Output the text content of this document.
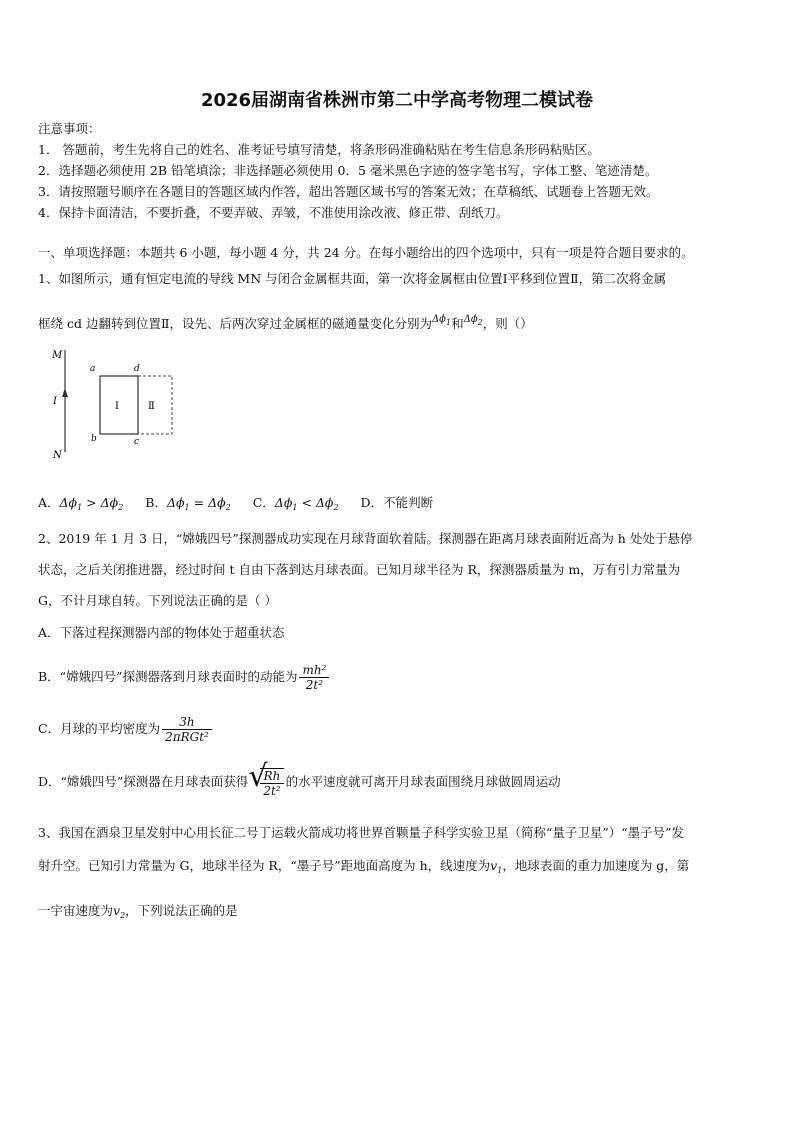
2026届湖南省株洲市第二中学高考物理二模试卷
注意事项：
1． 答题前，考生先将自己的姓名、准考证号填写清楚，将条形码准确粘贴在考生信息条形码粘贴区。
2．选择题必须使用 2B 铅笔填涂；非选择题必须使用 0．5 毫米黑色字迹的签字笔书写，字体工整、笔迹清楚。
3．请按照题号顺序在各题目的答题区域内作答，超出答题区域书写的答案无效；在草稿纸、试题卷上答题无效。
4．保持卡面清洁，不要折叠，不要弄破、弄皱，不准使用涂改液、修正带、刮纸刀。
一、单项选择题：本题共 6 小题，每小题 4 分，共 24 分。在每小题给出的四个选项中，只有一项是符合题目要求的。
1、如图所示，通有恒定电流的导线 MN 与闭合金属框共面，第一次将金属框由位置Ⅰ平移到位置Ⅱ，第二次将金属
框绕 cd 边翻转到位置Ⅱ，设先、后两次穿过金属框的磁通量变化分别为$^{\Delta\phi_1}$和$^{\Delta\phi_2}$，则（）
M
N
I
a	d
b	c
Ⅰ	Ⅱ
A．$\Delta\phi_1 > \Delta\phi_2$ B．$\Delta\phi_1 = \Delta\phi_2$ C．$\Delta\phi_1 < \Delta\phi_2$ D．不能判断
2、2019 年 1 月 3 日，“嫦娥四号”探测器成功实现在月球背面软着陆。探测器在距离月球表面附近高为 h 处处于悬停
状态，之后关闭推进器，经过时间 t 自由下落到达月球表面。已知月球半径为 R，探测器质量为 m，万有引力常量为
G，不计月球自转。下列说法正确的是（ ）
A．下落过程探测器内部的物体处于超重状态
B．“嫦娥四号”探测器落到月球表面时的动能为 $\frac{\text{mh²}}{\text{2t²}}$
C．月球的平均密度为 $\frac{3h}{\text{2πRGt²}}$
D．“嫦娥四号”探测器在月球表面获得 √
$\frac{Rh}{\text{2t²}}$ 的水平速度就可离开月球表面围绕月球做圆周运动
3、我国在酒泉卫星发射中心用长征二号丁运载火箭成功将世界首颗量子科学实验卫星（简称“量子卫星”）“墨子号”发
射升空。已知引力常量为 G，地球半径为 R，“墨子号”距地面高度为 h，线速度为$v_1$，地球表面的重力加速度为 g，第
一宇宙速度为$v_2$，下列说法正确的是
